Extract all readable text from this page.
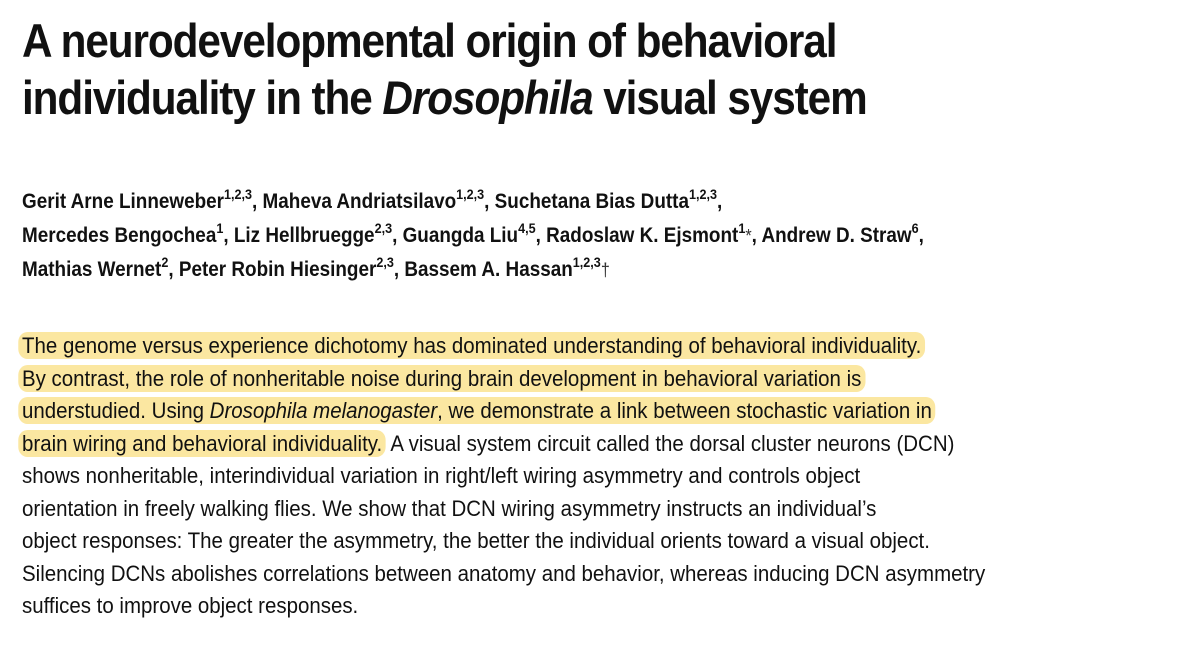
A neurodevelopmental origin of behavioral
individuality in the Drosophila visual system
Gerit Arne Linneweber$^{1,2,3}$, Maheva Andriatsilavo$^{1,2,3}$, Suchetana Bias Dutta$^{1,2,3}$,
Mercedes Bengochea$^1$, Liz Hellbruegge$^{2,3}$, Guangda Liu$^{4,5}$, Radoslaw K. Ejsmont$^1$*, Andrew D. Straw$^6$,
Mathias Wernet$^2$, Peter Robin Hiesinger$^{2,3}$, Bassem A. Hassan$^{1,2,3}$†
The genome versus experience dichotomy has dominated understanding of behavioral individuality.
By contrast, the role of nonheritable noise during brain development in behavioral variation is
understudied. Using Drosophila melanogaster, we demonstrate a link between stochastic variation in
brain wiring and behavioral individuality. A visual system circuit called the dorsal cluster neurons (DCN)
shows nonheritable, interindividual variation in right/left wiring asymmetry and controls object
orientation in freely walking flies. We show that DCN wiring asymmetry instructs an individual’s
object responses: The greater the asymmetry, the better the individual orients toward a visual object.
Silencing DCNs abolishes correlations between anatomy and behavior, whereas inducing DCN asymmetry
suffices to improve object responses.
